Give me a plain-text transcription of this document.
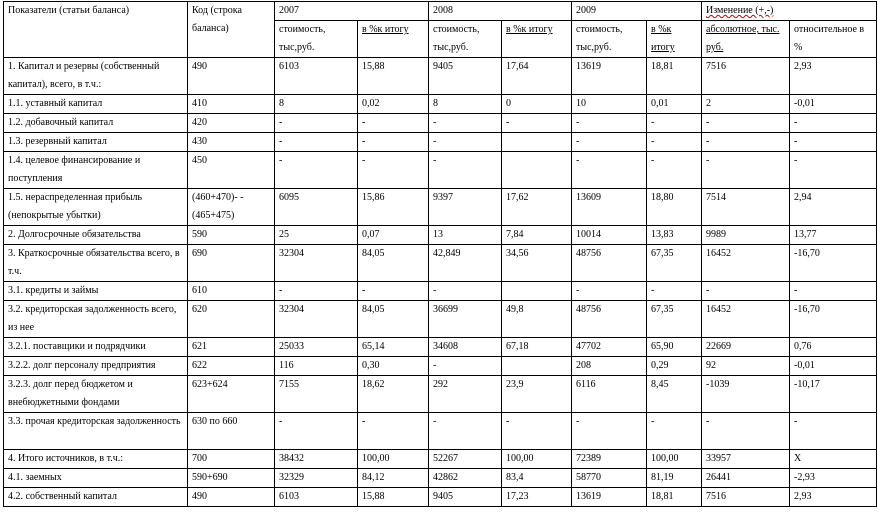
Показатели (статьи баланса)	Код (строка баланса)	2007		2008		2009		Изменение (+,-)	
		стоимость, тыс,руб.	в %к итогу	стоимость, тыс,руб.	в %к итогу	стоимость, тыс,руб.	в %к итогу	абсолютное, тыс. руб.	относительное в %
1. Капитал и резервы (собственный капитал), всего, в т.ч.:	490	6103	15,88	9405	17,64	13619	18,81	7516	2,93
1.1. уставный капитал	410	8	0,02	8	0	10	0,01	2	-0,01
1.2. добавочный капитал	420	-	-	-	-	-	-	-	-
1.3. резервный капитал	430	-	-	-		-	-	-	-
1.4. целевое финансирование и поступления	450	-	-	-		-	-	-	-
1.5. нераспределенная прибыль (непокрытые убытки)	(460+470)- -(465+475)	6095	15,86	9397	17,62	13609	18,80	7514	2,94
2. Долгосрочные обязательства	590	25	0,07	13	7,84	10014	13,83	9989	13,77
3. Краткосрочные обязательства всего, в т.ч.	690	32304	84,05	42,849	34,56	48756	67,35	16452	-16,70
3.1. кредиты и займы	610	-	-	-		-	-	-	-
3.2. кредиторская задолженность всего, из нее	620	32304	84,05	36699	49,8	48756	67,35	16452	-16,70
3.2.1. поставщики и подрядчики	621	25033	65,14	34608	67,18	47702	65,90	22669	0,76
3.2.2. долг персоналу предприятия	622	116	0,30	-		208	0,29	92	-0,01
3.2.3. долг перед бюджетом и внебюджетными фондами	623+624	7155	18,62	292	23,9	6116	8,45	-1039	-10,17
3.3. прочая кредиторская задолженность	630 по 660	-	-	-	-	-	-	-	-
4. Итого источников, в т.ч.:	700	38432	100,00	52267	100,00	72389	100,00	33957	Х
4.1. заемных	590+690	32329	84,12	42862	83,4	58770	81,19	26441	-2,93
4.2. собственный капитал	490	6103	15,88	9405	17,23	13619	18,81	7516	2,93
